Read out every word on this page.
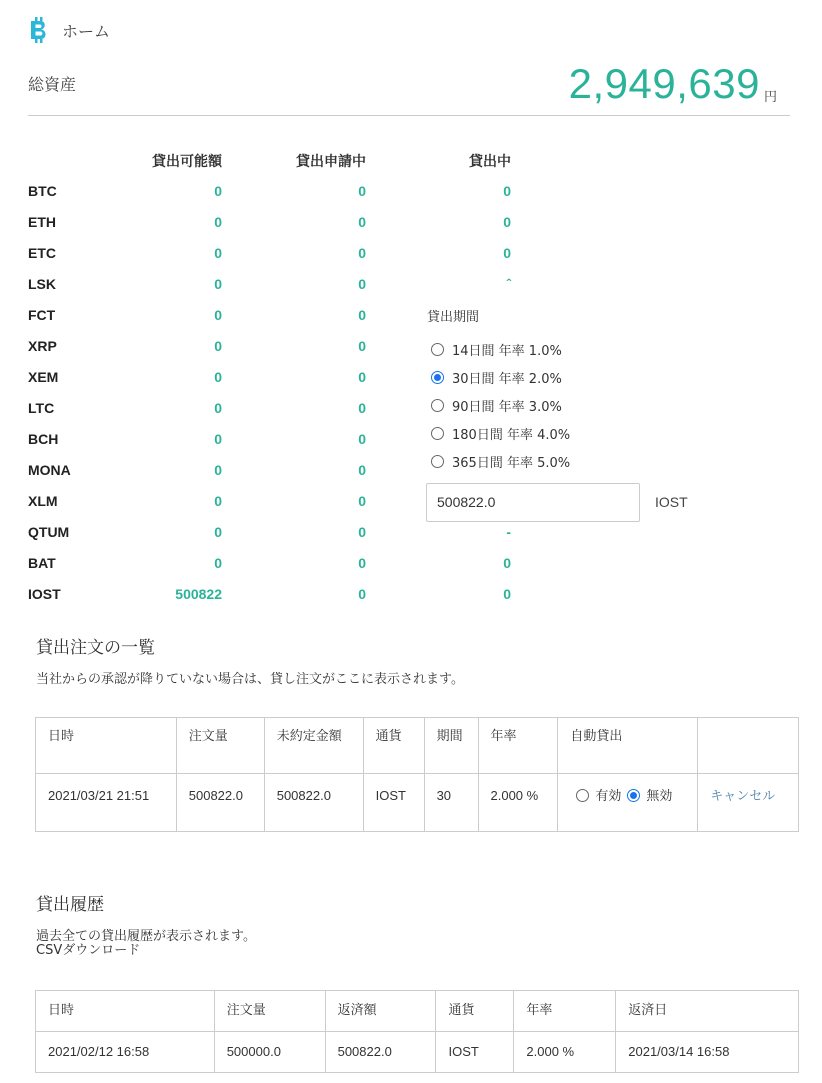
ホーム
総資産	2,949,639 円
貸出可能額	貸出申請中	貸出中
BTC	0	0	0
ETH	0	0	0
ETC	0	0	0
LSK	0	0	ˆ
FCT	0	0
XRP	0	0
XEM	0	0
LTC	0	0
BCH	0	0
MONA	0	0
XLM	0	0
QTUM	0	0	-
BAT	0	0	0
IOST	500822	0	0
貸出期間
14日間 年率 1.0%
30日間 年率 2.0%
90日間 年率 3.0%
180日間 年率 4.0%
365日間 年率 5.0%
500822.0	IOST
貸出注文の一覧
当社からの承認が降りていない場合は、貸し注文がここに表示されます。
日時	注文量	未約定金額	通貨	期間	年率	自動貸出	
2021/03/21 21:51	500822.0	500822.0	IOST	30	2.000 %	有効 無効	キャンセル
貸出履歴
過去全ての貸出履歴が表示されます。
CSVダウンロード
日時	注文量	返済額	通貨	年率	返済日
2021/02/12 16:58	500000.0	500822.0	IOST	2.000 %	2021/03/14 16:58
